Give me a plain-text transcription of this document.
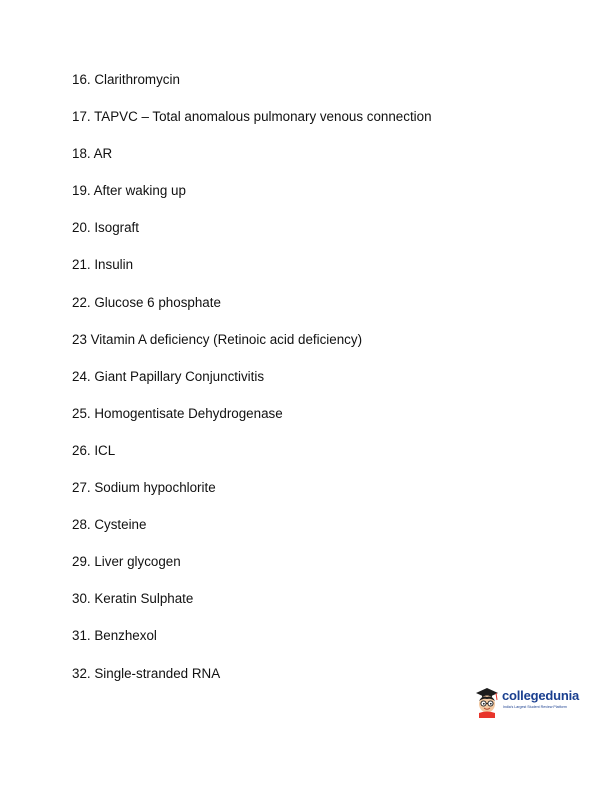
16. Clarithromycin
17. TAPVC – Total anomalous pulmonary venous connection
18. AR
19. After waking up
20. Isograft
21. Insulin
22. Glucose 6 phosphate
23 Vitamin A deficiency (Retinoic acid deficiency)
24. Giant Papillary Conjunctivitis
25. Homogentisate Dehydrogenase
26. ICL
27. Sodium hypochlorite
28. Cysteine
29. Liver glycogen
30. Keratin Sulphate
31. Benzhexol
32. Single-stranded RNA
collegedunia
India's Largest Student Review Platform
